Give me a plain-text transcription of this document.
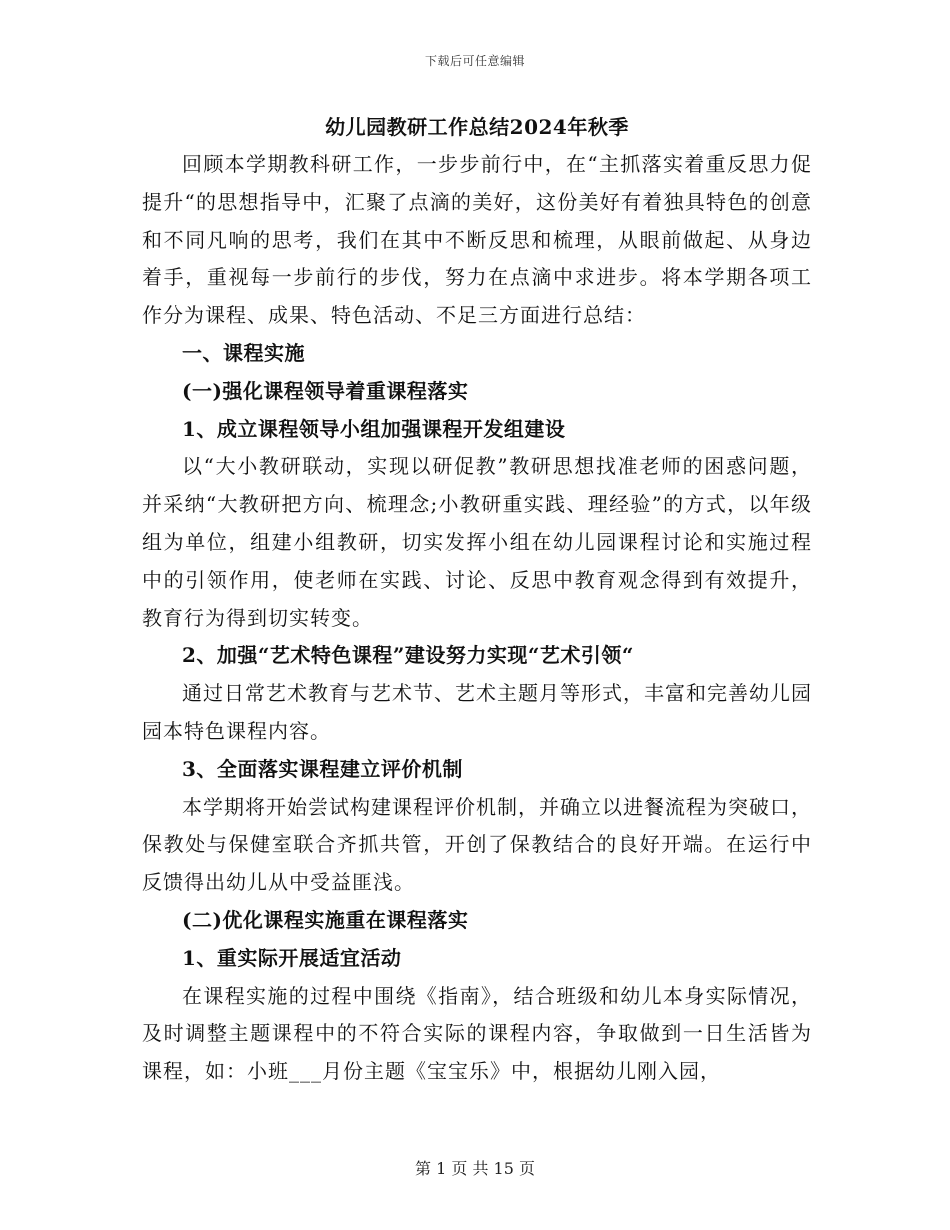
下载后可任意编辑
幼儿园教研工作总结2024年秋季

回顾本学期教科研工作，一步步前行中，在“主抓落实着重反思力促提升“的思想指导中，汇聚了点滴的美好，这份美好有着独具特色的创意和不同凡响的思考，我们在其中不断反思和梳理，从眼前做起、从身边着手，重视每一步前行的步伐，努力在点滴中求进步。将本学期各项工作分为课程、成果、特色活动、不足三方面进行总结：

一、课程实施

(一)强化课程领导着重课程落实

1、成立课程领导小组加强课程开发组建设

以“大小教研联动，实现以研促教”教研思想找准老师的困惑问题，并采纳“大教研把方向、梳理念;小教研重实践、理经验”的方式，以年级组为单位，组建小组教研，切实发挥小组在幼儿园课程讨论和实施过程中的引领作用，使老师在实践、讨论、反思中教育观念得到有效提升，教育行为得到切实转变。

2、加强“艺术特色课程”建设努力实现“艺术引领“

通过日常艺术教育与艺术节、艺术主题月等形式，丰富和完善幼儿园园本特色课程内容。

3、全面落实课程建立评价机制

本学期将开始尝试构建课程评价机制，并确立以进餐流程为突破口，保教处与保健室联合齐抓共管，开创了保教结合的良好开端。在运行中反馈得出幼儿从中受益匪浅。

(二)优化课程实施重在课程落实

1、重实际开展适宜活动

在课程实施的过程中围绕《指南》，结合班级和幼儿本身实际情况，及时调整主题课程中的不符合实际的课程内容，争取做到一日生活皆为课程，如：小班___月份主题《宝宝乐》中，根据幼儿刚入园，

第 1 页 共 15 页
